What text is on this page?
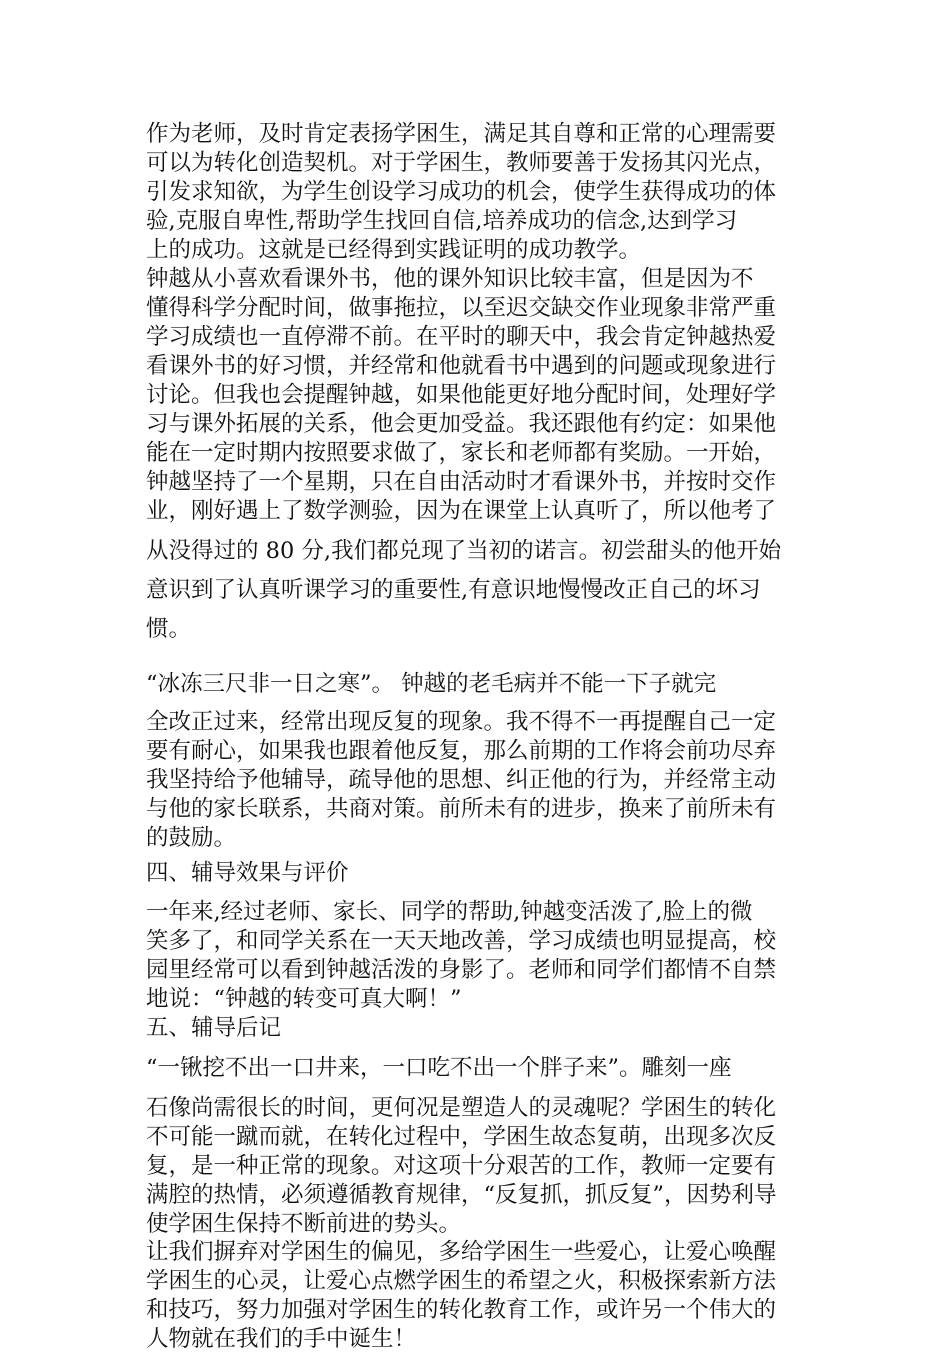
作为老师，及时肯定表扬学困生，满足其自尊和正常的心理需要
可以为转化创造契机。对于学困生，教师要善于发扬其闪光点，
引发求知欲，为学生创设学习成功的机会，使学生获得成功的体
验,克服自卑性,帮助学生找回自信,培养成功的信念,达到学习
上的成功。这就是已经得到实践证明的成功教学。
钟越从小喜欢看课外书，他的课外知识比较丰富，但是因为不
懂得科学分配时间，做事拖拉，以至迟交缺交作业现象非常严重
学习成绩也一直停滞不前。在平时的聊天中，我会肯定钟越热爱
看课外书的好习惯，并经常和他就看书中遇到的问题或现象进行
讨论。但我也会提醒钟越，如果他能更好地分配时间，处理好学
习与课外拓展的关系，他会更加受益。我还跟他有约定：如果他
能在一定时期内按照要求做了，家长和老师都有奖励。一开始，
钟越坚持了一个星期，只在自由活动时才看课外书，并按时交作
业，刚好遇上了数学测验，因为在课堂上认真听了，所以他考了
从没得过的 80 分,我们都兑现了当初的诺言。初尝甜头的他开始
意识到了认真听课学习的重要性,有意识地慢慢改正自己的坏习
惯。
“冰冻三尺非一日之寒”。 钟越的老毛病并不能一下子就完
全改正过来，经常出现反复的现象。我不得不一再提醒自己一定
要有耐心，如果我也跟着他反复，那么前期的工作将会前功尽弃
我坚持给予他辅导，疏导他的思想、纠正他的行为，并经常主动
与他的家长联系，共商对策。前所未有的进步，换来了前所未有
的鼓励。
四、辅导效果与评价
一年来,经过老师、家长、同学的帮助,钟越变活泼了,脸上的微
笑多了，和同学关系在一天天地改善，学习成绩也明显提高，校
园里经常可以看到钟越活泼的身影了。老师和同学们都情不自禁
地说：“钟越的转变可真大啊！”
五、辅导后记
“一锹挖不出一口井来，一口吃不出一个胖子来”。雕刻一座
石像尚需很长的时间，更何况是塑造人的灵魂呢？学困生的转化
不可能一蹴而就，在转化过程中，学困生故态复萌，出现多次反
复，是一种正常的现象。对这项十分艰苦的工作，教师一定要有
满腔的热情，必须遵循教育规律，“反复抓，抓反复”，因势利导
使学困生保持不断前进的势头。
让我们摒弃对学困生的偏见，多给学困生一些爱心，让爱心唤醒
学困生的心灵，让爱心点燃学困生的希望之火，积极探索新方法
和技巧，努力加强对学困生的转化教育工作，或许另一个伟大的
人物就在我们的手中诞生！
